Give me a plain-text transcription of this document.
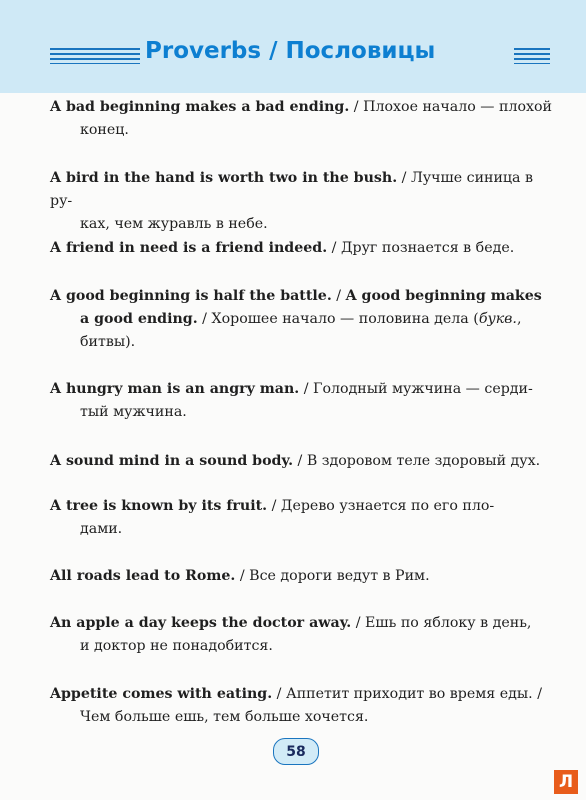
Proverbs / Пословицы
A bad beginning makes a bad ending. / Плохое начало — плохой
конец.
A bird in the hand is worth two in the bush. / Лучше синица в ру-
ках, чем журавль в небе.
A friend in need is a friend indeed. / Друг познается в беде.
A good beginning is half the battle. / A good beginning makes
a good ending. / Хорошее начало — половина дела (букв.,
битвы).
A hungry man is an angry man. / Голодный мужчина — серди-
тый мужчина.
A sound mind in a sound body. / В здоровом теле здоровый дух.
A tree is known by its fruit. / Дерево узнается по его пло-
дами.
All roads lead to Rome. / Все дороги ведут в Рим.
An apple a day keeps the doctor away. / Ешь по яблоку в день,
и доктор не понадобится.
Appetite comes with eating. / Аппетит приходит во время еды. /
Чем больше ешь, тем больше хочется.
58
Л
